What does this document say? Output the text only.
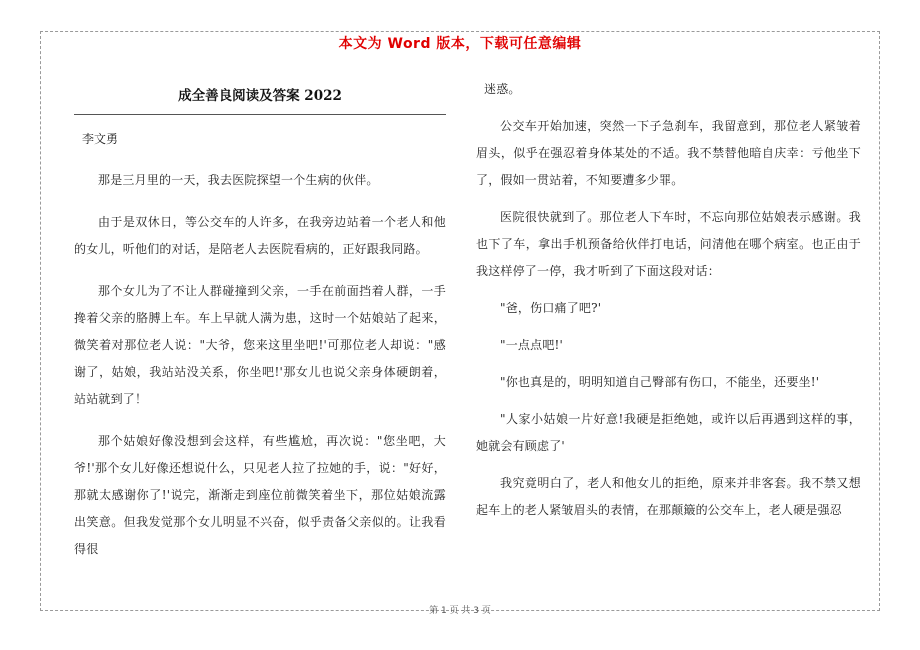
本文为 Word 版本，下载可任意编辑
成全善良阅读及答案 2022
李文勇

那是三月里的一天，我去医院探望一个生病的伙伴。

由于是双休日，等公交车的人许多，在我旁边站着一个老人和他的女儿，听他们的对话，是陪老人去医院看病的，正好跟我同路。

那个女儿为了不让人群碰撞到父亲，一手在前面挡着人群，一手搀着父亲的胳膊上车。车上早就人满为患，这时一个姑娘站了起来，微笑着对那位老人说："大爷，您来这里坐吧!'可那位老人却说："感谢了，姑娘，我站站没关系，你坐吧!'那女儿也说父亲身体硬朗着，站站就到了！

那个姑娘好像没想到会这样，有些尴尬，再次说："您坐吧，大爷!'那个女儿好像还想说什么，只见老人拉了拉她的手，说："好好，那就太感谢你了!'说完，渐渐走到座位前微笑着坐下，那位姑娘流露出笑意。但我发觉那个女儿明显不兴奋，似乎责备父亲似的。让我看得很

迷惑。

公交车开始加速，突然一下子急刹车，我留意到，那位老人紧皱着眉头，似乎在强忍着身体某处的不适。我不禁替他暗自庆幸：亏他坐下了，假如一贯站着，不知要遭多少罪。

医院很快就到了。那位老人下车时，不忘向那位姑娘表示感谢。我也下了车，拿出手机预备给伙伴打电话，问清他在哪个病室。也正由于我这样停了一停，我才听到了下面这段对话：

"爸，伤口痛了吧?'

"一点点吧!'

"你也真是的，明明知道自己臀部有伤口，不能坐，还要坐!'

"人家小姑娘一片好意!我硬是拒绝她，或许以后再遇到这样的事，她就会有顾虑了'

我究竟明白了，老人和他女儿的拒绝，原来并非客套。我不禁又想起车上的老人紧皱眉头的表情，在那颠簸的公交车上，老人硬是强忍

第 1 页 共 3 页
